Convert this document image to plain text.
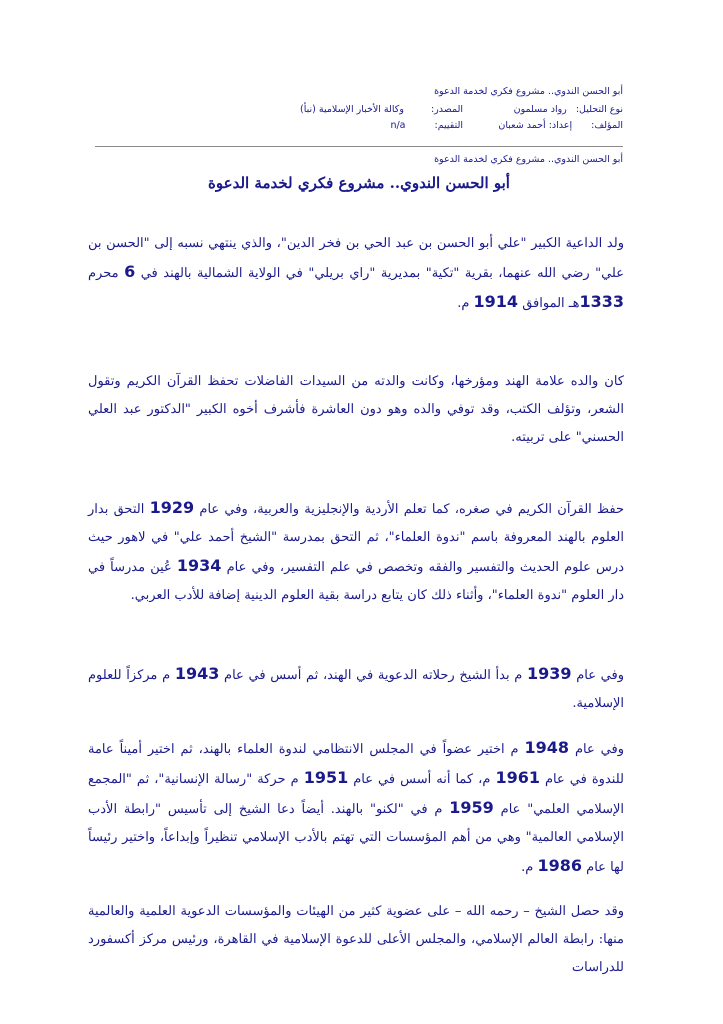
أبو الحسن الندوي.. مشروع فكري لخدمة الدعوة
نوع التحليل: رواد مسلمون
المصدر: وكالة الأخبار الإسلامية (نبأ)
المؤلف: إعداد: أحمد شعبان
التقييم: n/a
أبو الحسن الندوي.. مشروع فكري لخدمة الدعوة
أبو الحسن الندوي.. مشروع فكري لخدمة الدعوة
ولد الداعية الكبير "علي أبو الحسن بن عبد الحي بن فخر الدين"، والذي ينتهي نسبه إلى "الحسن بن علي" رضي الله عنهما، بقرية "تكية" بمديرية "راي بريلي" في الولاية الشمالية بالهند في 6 محرم 1333هـ الموافق 1914 م.
كان والده علامة الهند ومؤرخها، وكانت والدته من السيدات الفاضلات تحفظ القرآن الكريم وتقول الشعر، وتؤلف الكتب، وقد توفي والده وهو دون العاشرة فأشرف أخوه الكبير "الدكتور عبد العلي الحسني" على تربيته.
حفظ القرآن الكريم في صغره، كما تعلم الأردية والإنجليزية والعربية، وفي عام 1929 التحق بدار العلوم بالهند المعروفة باسم "ندوة العلماء"، ثم التحق بمدرسة "الشيخ أحمد علي" في لاهور حيث درس علوم الحديث والتفسير والفقه وتخصص في علم التفسير، وفي عام 1934 عُين مدرساً في دار العلوم "ندوة العلماء"، وأثناء ذلك كان يتابع دراسة بقية العلوم الدينية إضافة للأدب العربي.
وفي عام 1939 م بدأ الشيخ رحلاته الدعوية في الهند، ثم أسس في عام 1943 م مركزاً للعلوم الإسلامية.
وفي عام 1948 م اختير عضواً في المجلس الانتظامي لندوة العلماء بالهند، ثم اختير أميناً عامة للندوة في عام 1961 م، كما أنه أسس في عام 1951 م حركة "رسالة الإنسانية"، ثم "المجمع الإسلامي العلمي" عام 1959 م في "لكنو" بالهند. أيضاً دعا الشيخ إلى تأسيس "رابطة الأدب الإسلامي العالمية" وهي من أهم المؤسسات التي تهتم بالأدب الإسلامي تنظيراً وإبداعاً، واختير رئيساً لها عام 1986 م.
وقد حصل الشيخ – رحمه الله – على عضوية كثير من الهيئات والمؤسسات الدعوية العلمية والعالمية منها: رابطة العالم الإسلامي، والمجلس الأعلى للدعوة الإسلامية في القاهرة، ورئيس مركز أكسفورد للدراسات
